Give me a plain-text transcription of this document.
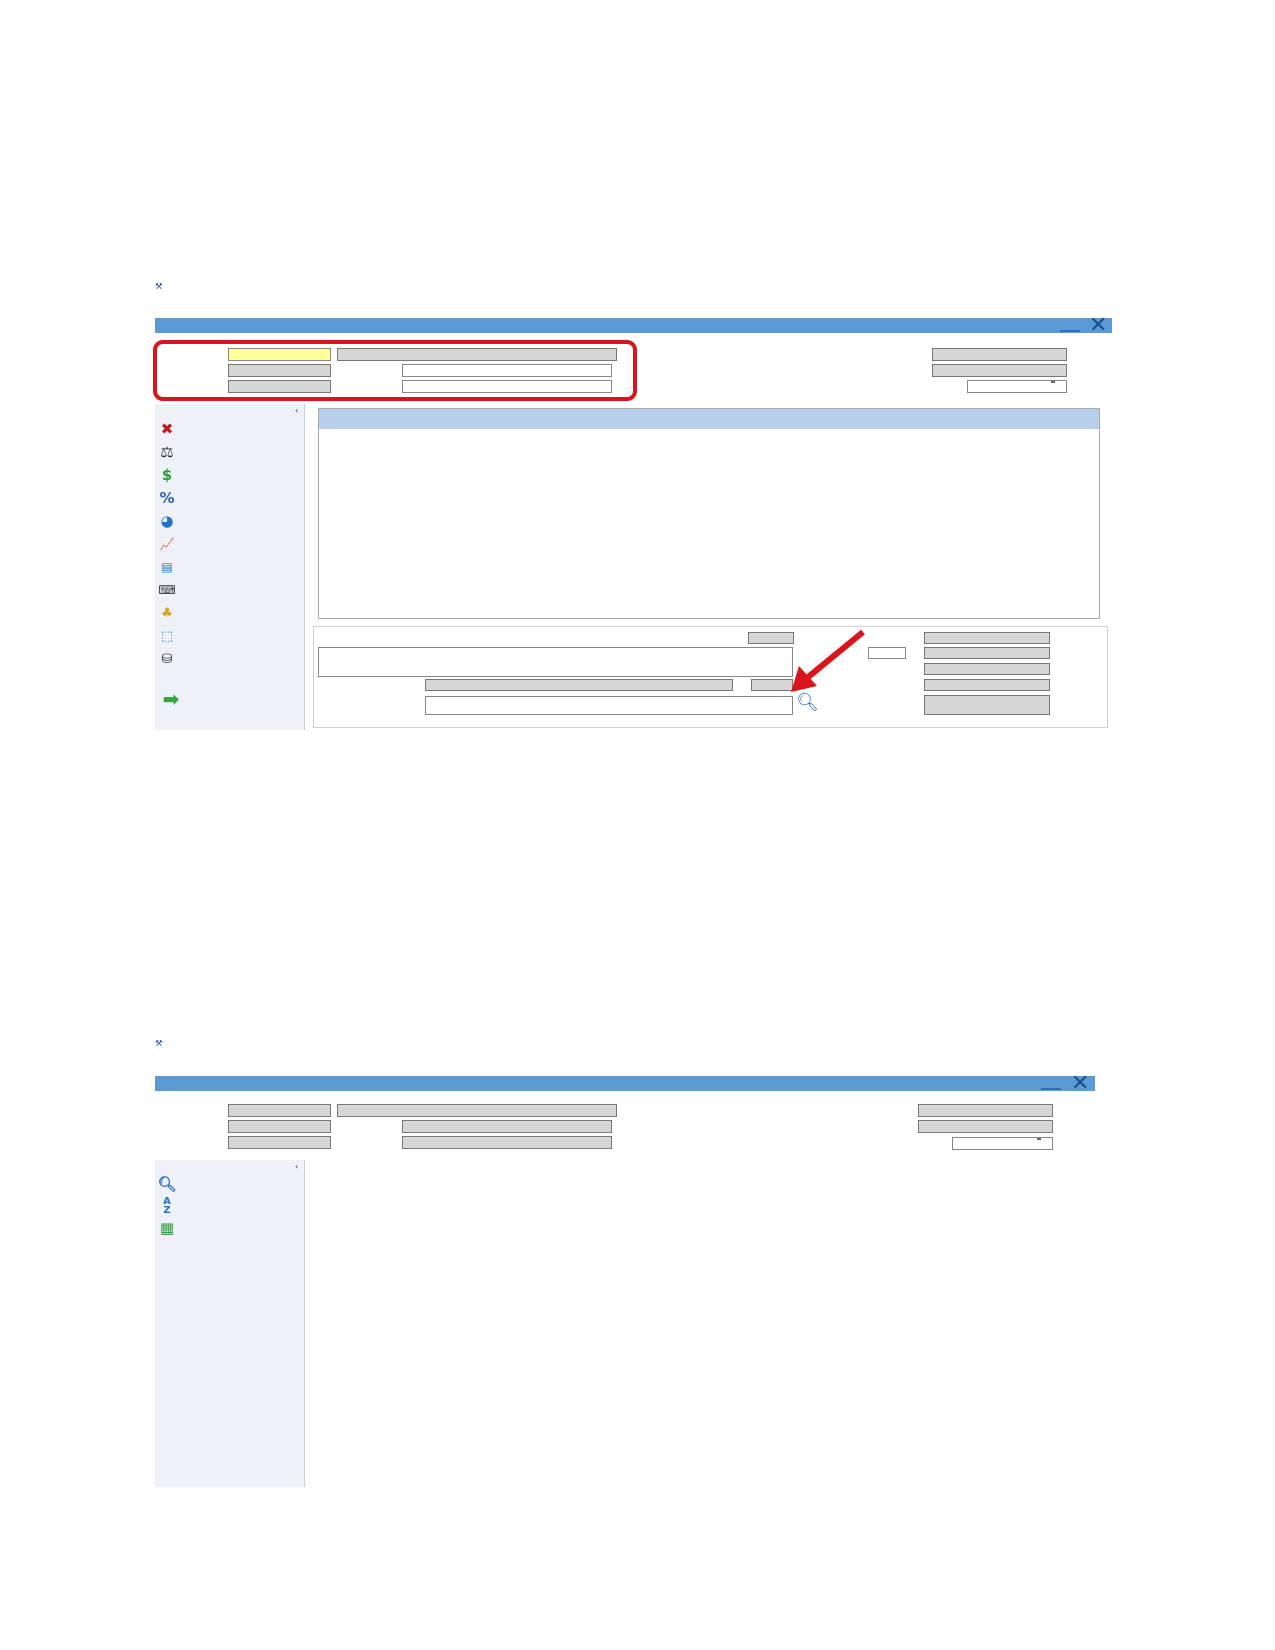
⚒
✕
‹
✖
⚖
$
%
◕
📈
▤
⌨
♣
⬚
⛁
➡	🔍︎
⚒
✕
‹
🔍︎
A
Z
▦
